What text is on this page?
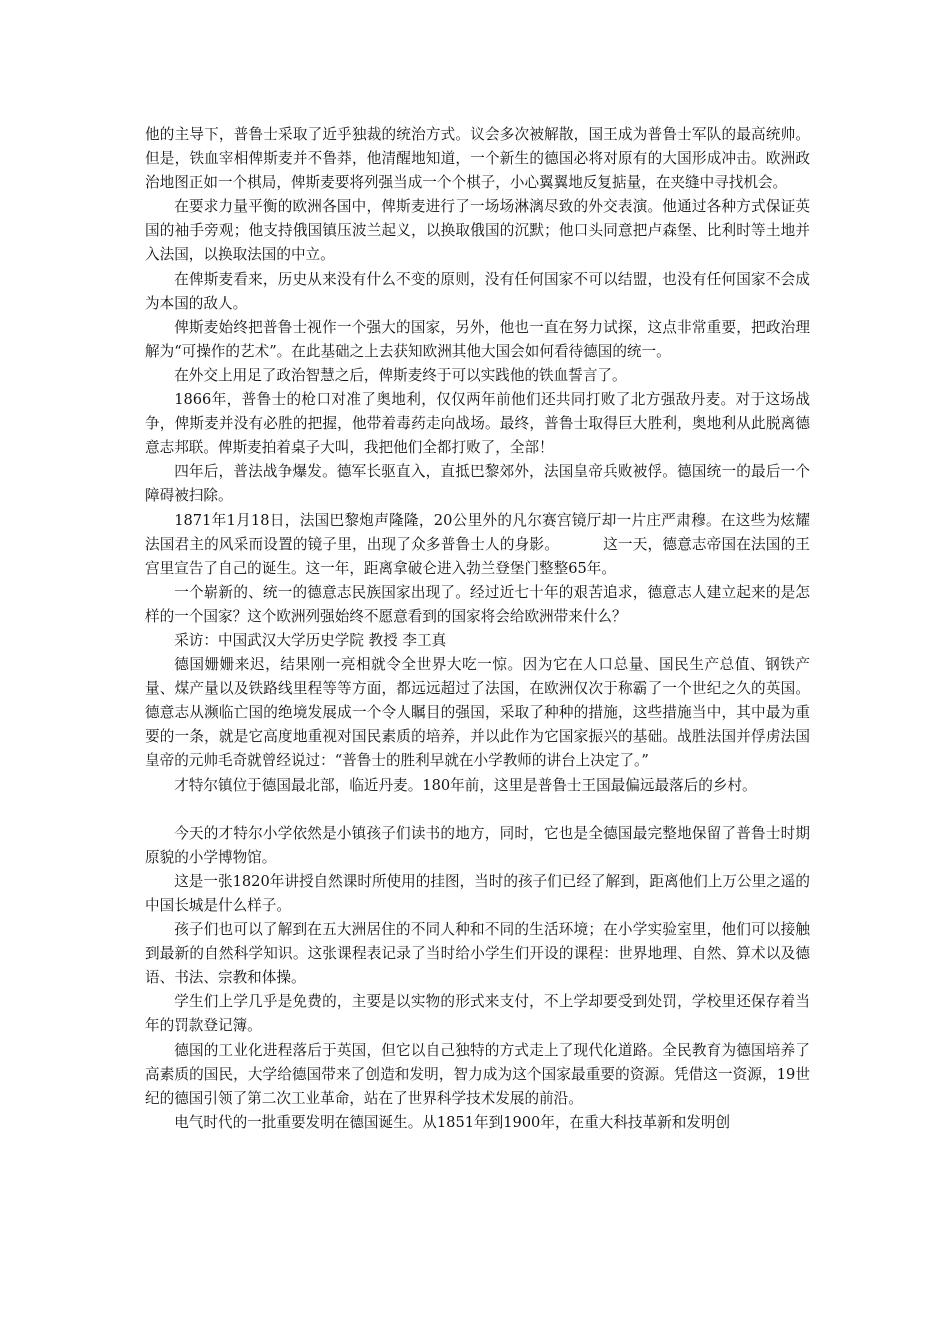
他的主导下，普鲁士采取了近乎独裁的统治方式。议会多次被解散，国王成为普鲁士军队的最高统帅。但是，铁血宰相俾斯麦并不鲁莽，他清醒地知道，一个新生的德国必将对原有的大国形成冲击。欧洲政治地图正如一个棋局，俾斯麦要将列强当成一个个棋子，小心翼翼地反复掂量，在夹缝中寻找机会。

在要求力量平衡的欧洲各国中，俾斯麦进行了一场场淋漓尽致的外交表演。他通过各种方式保证英国的袖手旁观；他支持俄国镇压波兰起义，以换取俄国的沉默；他口头同意把卢森堡、比利时等土地并入法国，以换取法国的中立。

在俾斯麦看来，历史从来没有什么不变的原则，没有任何国家不可以结盟，也没有任何国家不会成为本国的敌人。

俾斯麦始终把普鲁士视作一个强大的国家，另外，他也一直在努力试探，这点非常重要，把政治理解为“可操作的艺术”。在此基础之上去获知欧洲其他大国会如何看待德国的统一。

在外交上用足了政治智慧之后，俾斯麦终于可以实践他的铁血誓言了。

1866年，普鲁士的枪口对准了奥地利，仅仅两年前他们还共同打败了北方强敌丹麦。对于这场战争，俾斯麦并没有必胜的把握，他带着毒药走向战场。最终，普鲁士取得巨大胜利，奥地利从此脱离德意志邦联。俾斯麦拍着桌子大叫，我把他们全都打败了，全部！

四年后，普法战争爆发。德军长驱直入，直抵巴黎郊外，法国皇帝兵败被俘。德国统一的最后一个障碍被扫除。

1871年1月18日，法国巴黎炮声隆隆，20公里外的凡尔赛宫镜厅却一片庄严肃穆。在这些为炫耀法国君主的风采而设置的镜子里，出现了众多普鲁士人的身影。	这一天，德意志帝国在法国的王宫里宣告了自己的诞生。这一年，距离拿破仑进入勃兰登堡门整整65年。

一个崭新的、统一的德意志民族国家出现了。经过近七十年的艰苦追求，德意志人建立起来的是怎样的一个国家？这个欧洲列强始终不愿意看到的国家将会给欧洲带来什么？

采访：中国武汉大学历史学院 教授 李工真

德国姗姗来迟，结果刚一亮相就令全世界大吃一惊。因为它在人口总量、国民生产总值、钢铁产量、煤产量以及铁路线里程等等方面，都远远超过了法国，在欧洲仅次于称霸了一个世纪之久的英国。德意志从濒临亡国的绝境发展成一个令人瞩目的强国，采取了种种的措施，这些措施当中，其中最为重要的一条，就是它高度地重视对国民素质的培养，并以此作为它国家振兴的基础。战胜法国并俘虏法国皇帝的元帅毛奇就曾经说过：“普鲁士的胜利早就在小学教师的讲台上决定了。”

才特尔镇位于德国最北部，临近丹麦。180年前，这里是普鲁士王国最偏远最落后的乡村。

今天的才特尔小学依然是小镇孩子们读书的地方，同时，它也是全德国最完整地保留了普鲁士时期原貌的小学博物馆。

这是一张1820年讲授自然课时所使用的挂图，当时的孩子们已经了解到，距离他们上万公里之遥的中国长城是什么样子。

孩子们也可以了解到在五大洲居住的不同人种和不同的生活环境；在小学实验室里，他们可以接触到最新的自然科学知识。这张课程表记录了当时给小学生们开设的课程：世界地理、自然、算术以及德语、书法、宗教和体操。

学生们上学几乎是免费的，主要是以实物的形式来支付，不上学却要受到处罚，学校里还保存着当年的罚款登记簿。

德国的工业化进程落后于英国，但它以自己独特的方式走上了现代化道路。全民教育为德国培养了高素质的国民，大学给德国带来了创造和发明，智力成为这个国家最重要的资源。凭借这一资源，19世纪的德国引领了第二次工业革命，站在了世界科学技术发展的前沿。

电气时代的一批重要发明在德国诞生。从1851年到1900年，在重大科技革新和发明创
